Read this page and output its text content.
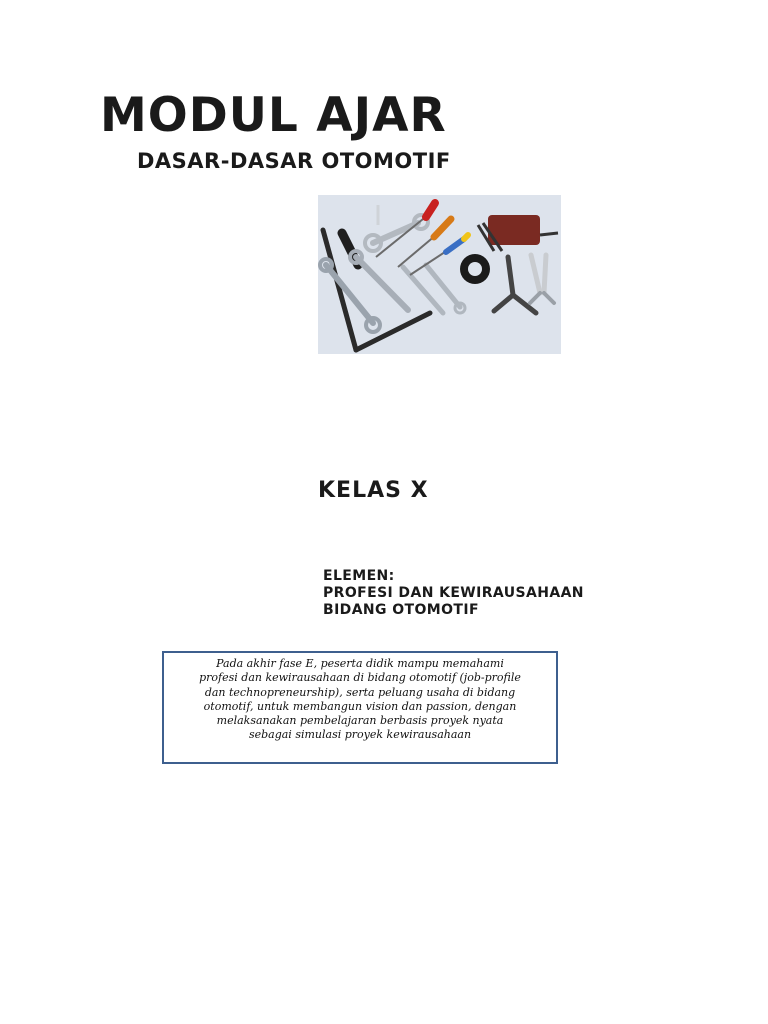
MODUL AJAR
DASAR-DASAR OTOMOTIF
KELAS X
ELEMEN:
PROFESI DAN KEWIRAUSAHAAN
BIDANG OTOMOTIF

Pada akhir fase E, peserta didik mampu memahami
profesi dan kewirausahaan di bidang otomotif (job-profile
dan technopreneurship), serta peluang usaha di bidang
otomotif, untuk membangun vision dan passion, dengan
melaksanakan pembelajaran berbasis proyek nyata
sebagai simulasi proyek kewirausahaan
